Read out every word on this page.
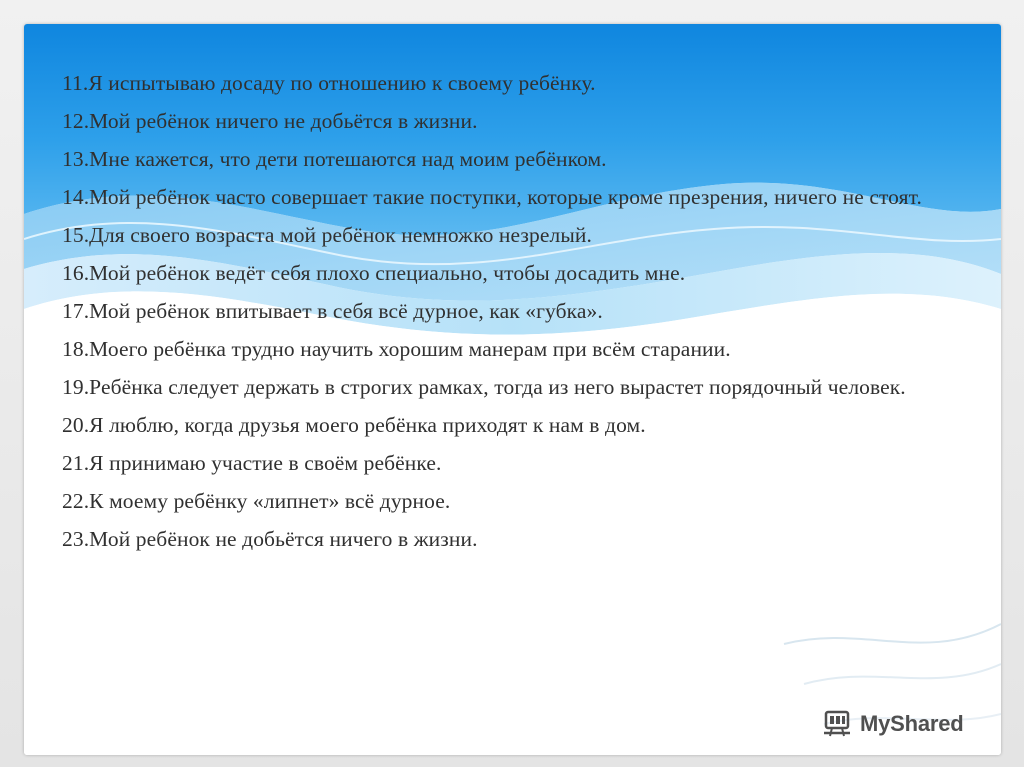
11.Я испытываю досаду по отношению к своему ребёнку.
12.Мой ребёнок ничего не добьётся в жизни.
13.Мне кажется, что дети потешаются над моим ребёнком.
14.Мой ребёнок часто совершает такие поступки, которые кроме презрения, ничего не стоят.
15.Для своего возраста мой ребёнок немножко незрелый.
16.Мой ребёнок ведёт себя плохо специально, чтобы досадить мне.
17.Мой ребёнок впитывает в себя всё дурное, как «губка».
18.Моего ребёнка трудно научить хорошим манерам при всём старании.
19.Ребёнка следует держать в строгих рамках, тогда из него вырастет порядочный человек.
20.Я люблю, когда друзья моего ребёнка приходят к нам в дом.
21.Я принимаю участие в своём ребёнке.
22.К моему ребёнку «липнет» всё дурное.
23.Мой ребёнок не добьётся ничего в жизни.
MyShared
